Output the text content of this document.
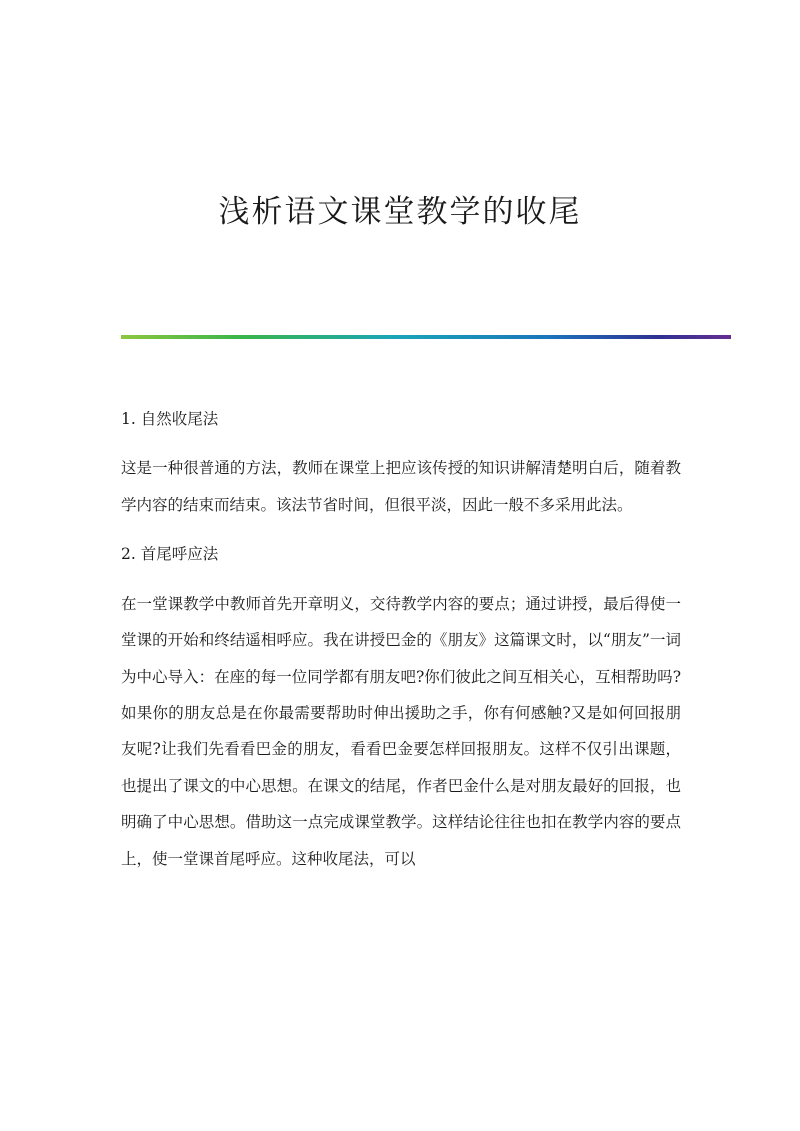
浅析语文课堂教学的收尾
1. 自然收尾法

这是一种很普通的方法，教师在课堂上把应该传授的知识讲解清楚明白后，随着教学内容的结束而结束。该法节省时间，但很平淡，因此一般不多采用此法。

2. 首尾呼应法

在一堂课教学中教师首先开章明义，交待教学内容的要点；通过讲授，最后得使一堂课的开始和终结遥相呼应。我在讲授巴金的《朋友》这篇课文时，以“朋友”一词为中心导入：在座的每一位同学都有朋友吧?你们彼此之间互相关心，互相帮助吗?如果你的朋友总是在你最需要帮助时伸出援助之手，你有何感触?又是如何回报朋友呢?让我们先看看巴金的朋友，看看巴金要怎样回报朋友。这样不仅引出课题，也提出了课文的中心思想。在课文的结尾，作者巴金什么是对朋友最好的回报，也明确了中心思想。借助这一点完成课堂教学。这样结论往往也扣在教学内容的要点上，使一堂课首尾呼应。这种收尾法，可以
